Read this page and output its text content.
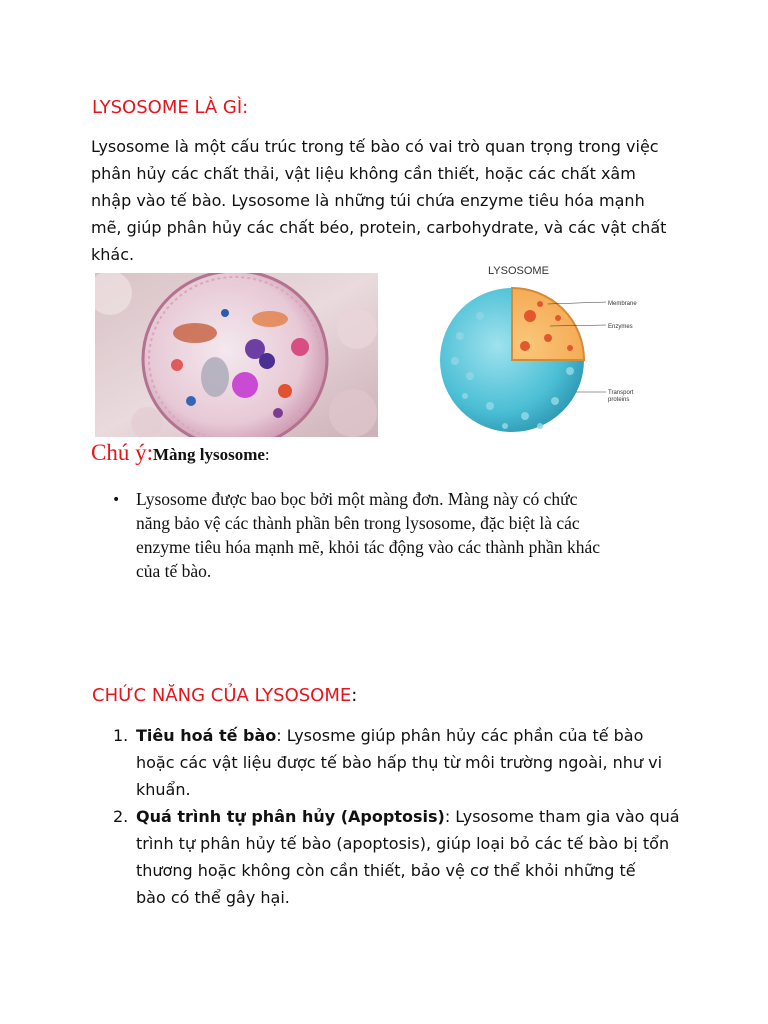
LYSOSOME LÀ GÌ:
Lysosome là một cấu trúc trong tế bào có vai trò quan trọng trong việc
phân hủy các chất thải, vật liệu không cần thiết, hoặc các chất xâm
nhập vào tế bào. Lysosome là những túi chứa enzyme tiêu hóa mạnh
mẽ, giúp phân hủy các chất béo, protein, carbohydrate, và các vật chất
khác.
LYSOSOME
Membrane
Enzymes
Transport
proteins
Chú ý:Màng lysosome:
• Lysosome được bao bọc bởi một màng đơn. Màng này có chức
năng bảo vệ các thành phần bên trong lysosome, đặc biệt là các
enzyme tiêu hóa mạnh mẽ, khỏi tác động vào các thành phần khác
của tế bào.
CHỨC NĂNG CỦA LYSOSOME:
1. Tiêu hoá tế bào: Lysosme giúp phân hủy các phần của tế bào
hoặc các vật liệu được tế bào hấp thụ từ môi trường ngoài, như vi
khuẩn.
2. Quá trình tự phân hủy (Apoptosis): Lysosome tham gia vào quá
trình tự phân hủy tế bào (apoptosis), giúp loại bỏ các tế bào bị tổn
thương hoặc không còn cần thiết, bảo vệ cơ thể khỏi những tế
bào có thể gây hại.
